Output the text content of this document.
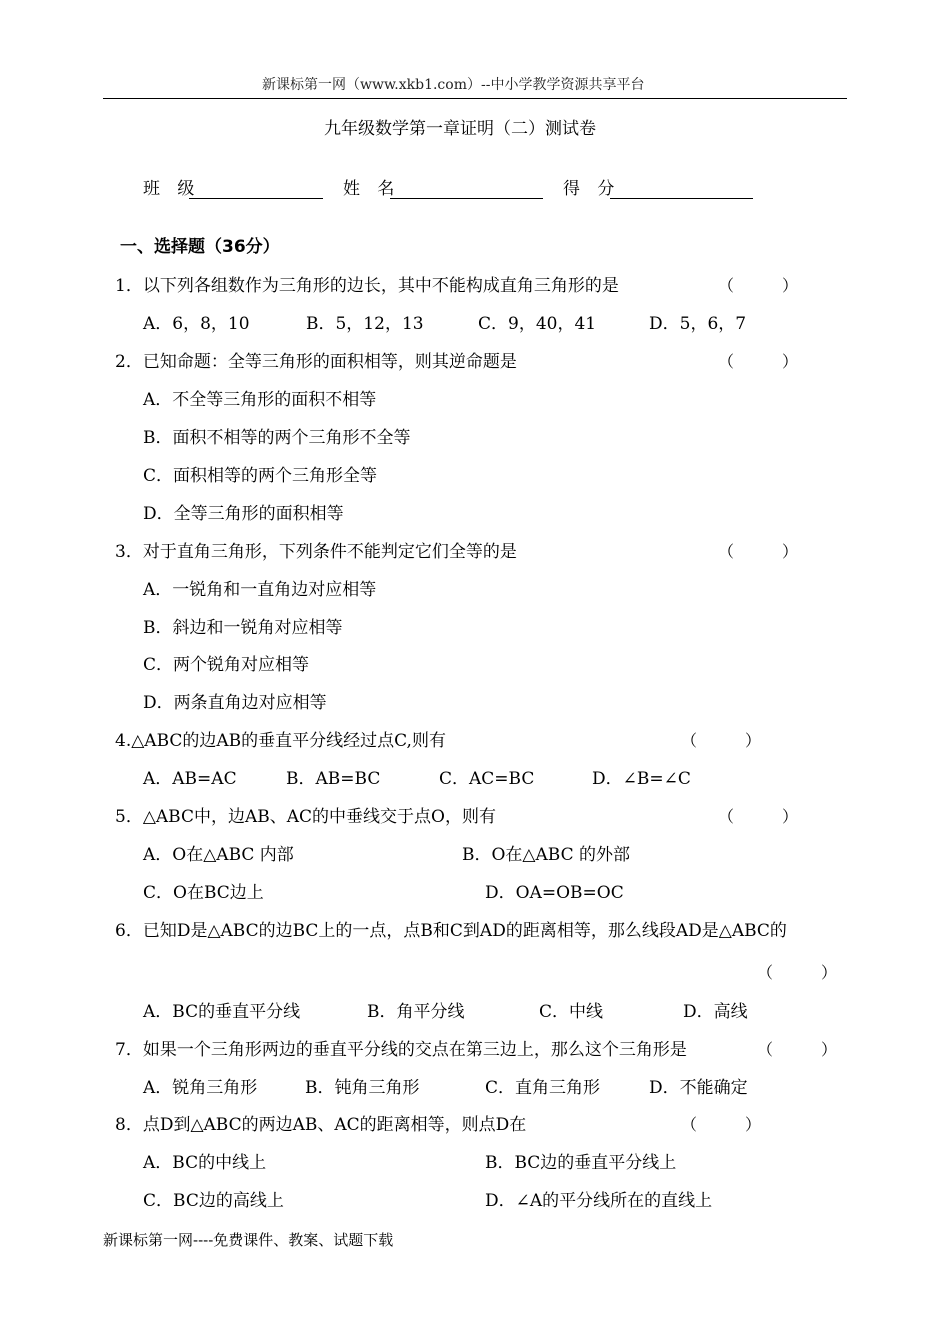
新课标第一网（www.xkb1.com）--中小学教学资源共享平台
九年级数学第一章证明（二）测试卷
班 级	姓 名	得 分
一、选择题（36分）
1．以下列各组数作为三角形的边长，其中不能构成直角三角形的是	（　　　）
A．6，8，10	B．5，12，13	C．9，40，41	D．5，6，7
2．已知命题：全等三角形的面积相等，则其逆命题是	（　　　）
A．不全等三角形的面积不相等
B．面积不相等的两个三角形不全等
C．面积相等的两个三角形全等
D．全等三角形的面积相等
3．对于直角三角形，下列条件不能判定它们全等的是	（　　　）
A．一锐角和一直角边对应相等
B．斜边和一锐角对应相等
C．两个锐角对应相等
D．两条直角边对应相等
4.△ABC的边AB的垂直平分线经过点C,则有	（　　　）
A．AB=AC	B．AB=BC	C．AC=BC	D．∠B=∠C
5．△ABC中，边AB、AC的中垂线交于点O，则有	（　　　）
A．O在△ABC 内部	B．O在△ABC 的外部
C．O在BC边上	D．OA=OB=OC
6．已知D是△ABC的边BC上的一点，点B和C到AD的距离相等，那么线段AD是△ABC的
（　　　）
A．BC的垂直平分线	B．角平分线	C．中线	D．高线
7．如果一个三角形两边的垂直平分线的交点在第三边上，那么这个三角形是	（　　　）
A．锐角三角形	B．钝角三角形	C．直角三角形	D．不能确定
8．点D到△ABC的两边AB、AC的距离相等，则点D在	（　　　）
A．BC的中线上	B．BC边的垂直平分线上
C．BC边的高线上	D．∠A的平分线所在的直线上
新课标第一网----免费课件、教案、试题下载
